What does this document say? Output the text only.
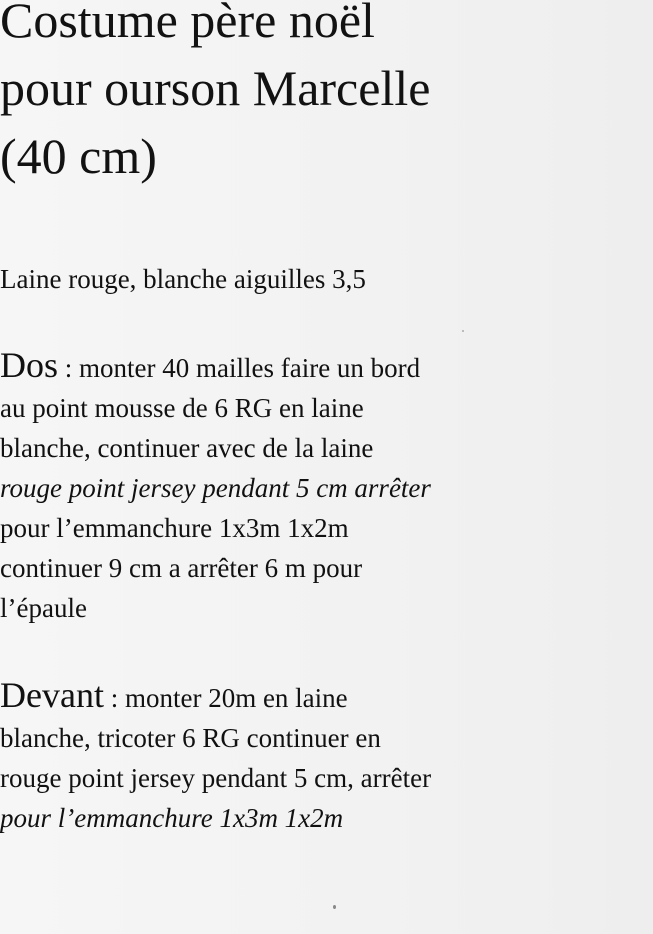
Costume père noël
pour ourson Marcelle
(40 cm)

Laine rouge, blanche aiguilles 3,5

Dos : monter 40 mailles faire un bord
au point mousse de 6 RG en laine
blanche, continuer avec de la laine
rouge point jersey pendant 5 cm arrêter
pour l’emmanchure 1x3m 1x2m
continuer 9 cm a arrêter 6 m pour
l’épaule
Devant : monter 20m en laine
blanche, tricoter 6 RG continuer en
rouge point jersey pendant 5 cm, arrêter
pour l’emmanchure 1x3m 1x2m
